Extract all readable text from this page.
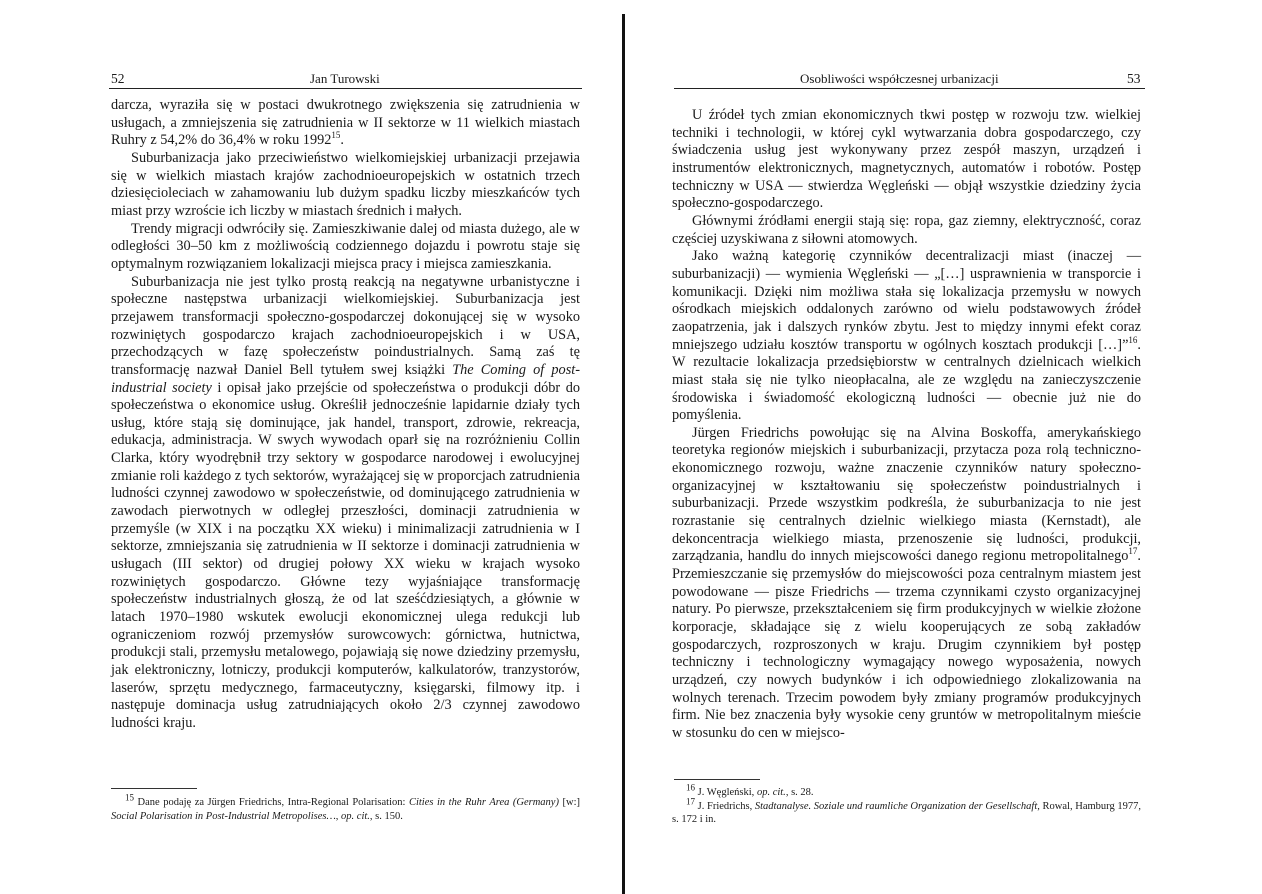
52	Jan Turowski

darcza, wyraziła się w postaci dwukrotnego zwiększenia się zatrudnienia w usługach, a zmniejszenia się zatrudnienia w II sektorze w 11 wielkich miastach Ruhry z 54,2% do 36,4% w roku 1992$^{15}$.

Suburbanizacja jako przeciwieństwo wielkomiejskiej urbanizacji przejawia się w wielkich miastach krajów zachodnioeuropejskich w ostatnich trzech dziesięcioleciach w zahamowaniu lub dużym spadku liczby mieszkańców tych miast przy wzroście ich liczby w miastach średnich i małych.

Trendy migracji odwróciły się. Zamieszkiwanie dalej od miasta dużego, ale w odległości 30–50 km z możliwością codziennego dojazdu i powrotu staje się optymalnym rozwiązaniem lokalizacji miejsca pracy i miejsca zamieszkania.

Suburbanizacja nie jest tylko prostą reakcją na negatywne urbanistyczne i społeczne następstwa urbanizacji wielkomiejskiej. Suburbanizacja jest przejawem transformacji społeczno-gospodarczej dokonującej się w wysoko rozwiniętych gospodarczo krajach zachodnioeuropejskich i w USA, przechodzących w fazę społeczeństw poindustrialnych. Samą zaś tę transformację nazwał Daniel Bell tytułem swej książki The Coming of post-industrial society i opisał jako przejście od społeczeństwa o produkcji dóbr do społeczeństwa o ekonomice usług. Określił jednocześnie lapidarnie działy tych usług, które stają się dominujące, jak handel, transport, zdrowie, rekreacja, edukacja, administracja. W swych wywodach oparł się na rozróżnieniu Collin Clarka, który wyodrębnił trzy sektory w gospodarce narodowej i ewolucyjnej zmianie roli każdego z tych sektorów, wyrażającej się w proporcjach zatrudnienia ludności czynnej zawodowo w społeczeństwie, od dominującego zatrudnienia w zawodach pierwotnych w odległej przeszłości, dominacji zatrudnienia w przemyśle (w XIX i na początku XX wieku) i minimalizacji zatrudnienia w I sektorze, zmniejszania się zatrudnienia w II sektorze i dominacji zatrudnienia w usługach (III sektor) od drugiej połowy XX wieku w krajach wysoko rozwiniętych gospodarczo. Główne tezy wyjaśniające transformację społeczeństw industrialnych głoszą, że od lat sześćdziesiątych, a głównie w latach 1970–1980 wskutek ewolucji ekonomicznej ulega redukcji lub ograniczeniom rozwój przemysłów surowcowych: górnictwa, hutnictwa, produkcji stali, przemysłu metalowego, pojawiają się nowe dziedziny przemysłu, jak elektroniczny, lotniczy, produkcji komputerów, kalkulatorów, tranzystorów, laserów, sprzętu medycznego, farmaceutyczny, księgarski, filmowy itp. i następuje dominacja usług zatrudniających około 2/3 czynnej zawodowo ludności kraju.

$^{15}$ Dane podaję za Jürgen Friedrichs, Intra-Regional Polarisation: Cities in the Ruhr Area (Germany) [w:] Social Polarisation in Post-Industrial Metropolises…, op. cit., s. 150.

Osobliwości współczesnej urbanizacji	53

U źródeł tych zmian ekonomicznych tkwi postęp w rozwoju tzw. wielkiej techniki i technologii, w której cykl wytwarzania dobra gospodarczego, czy świadczenia usług jest wykonywany przez zespół maszyn, urządzeń i instrumentów elektronicznych, magnetycznych, automatów i robotów. Postęp techniczny w USA — stwierdza Węgleński — objął wszystkie dziedziny życia społeczno-gospodarczego.

Głównymi źródłami energii stają się: ropa, gaz ziemny, elektryczność, coraz częściej uzyskiwana z siłowni atomowych.

Jako ważną kategorię czynników decentralizacji miast (inaczej — suburbanizacji) — wymienia Węgleński — „[…] usprawnienia w transporcie i komunikacji. Dzięki nim możliwa stała się lokalizacja przemysłu w nowych ośrodkach miejskich oddalonych zarówno od wielu podstawowych źródeł zaopatrzenia, jak i dalszych rynków zbytu. Jest to między innymi efekt coraz mniejszego udziału kosztów transportu w ogólnych kosztach produkcji […]”$^{16}$. W rezultacie lokalizacja przedsiębiorstw w centralnych dzielnicach wielkich miast stała się nie tylko nieopłacalna, ale ze względu na zanieczyszczenie środowiska i świadomość ekologiczną ludności — obecnie już nie do pomyślenia.

Jürgen Friedrichs powołując się na Alvina Boskoffa, amerykańskiego teoretyka regionów miejskich i suburbanizacji, przytacza poza rolą techniczno-ekonomicznego rozwoju, ważne znaczenie czynników natury społeczno-organizacyjnej w kształtowaniu się społeczeństw poindustrialnych i suburbanizacji. Przede wszystkim podkreśla, że suburbanizacja to nie jest rozrastanie się centralnych dzielnic wielkiego miasta (Kernstadt), ale dekoncentracja wielkiego miasta, przenoszenie się ludności, produkcji, zarządzania, handlu do innych miejscowości danego regionu metropolitalnego$^{17}$. Przemieszczanie się przemysłów do miejscowości poza centralnym miastem jest powodowane — pisze Friedrichs — trzema czynnikami czysto organizacyjnej natury. Po pierwsze, przekształceniem się firm produkcyjnych w wielkie złożone korporacje, składające się z wielu kooperujących ze sobą zakładów gospodarczych, rozproszonych w kraju. Drugim czynnikiem był postęp techniczny i technologiczny wymagający nowego wyposażenia, nowych urządzeń, czy nowych budynków i ich odpowiedniego zlokalizowania na wolnych terenach. Trzecim powodem były zmiany programów produkcyjnych firm. Nie bez znaczenia były wysokie ceny gruntów w metropolitalnym mieście w stosunku do cen w miejsco-

$^{16}$ J. Węgleński, op. cit., s. 28.

$^{17}$ J. Friedrichs, Stadtanalyse. Soziale und raumliche Organization der Gesellschaft, Rowal, Hamburg 1977, s. 172 i in.
